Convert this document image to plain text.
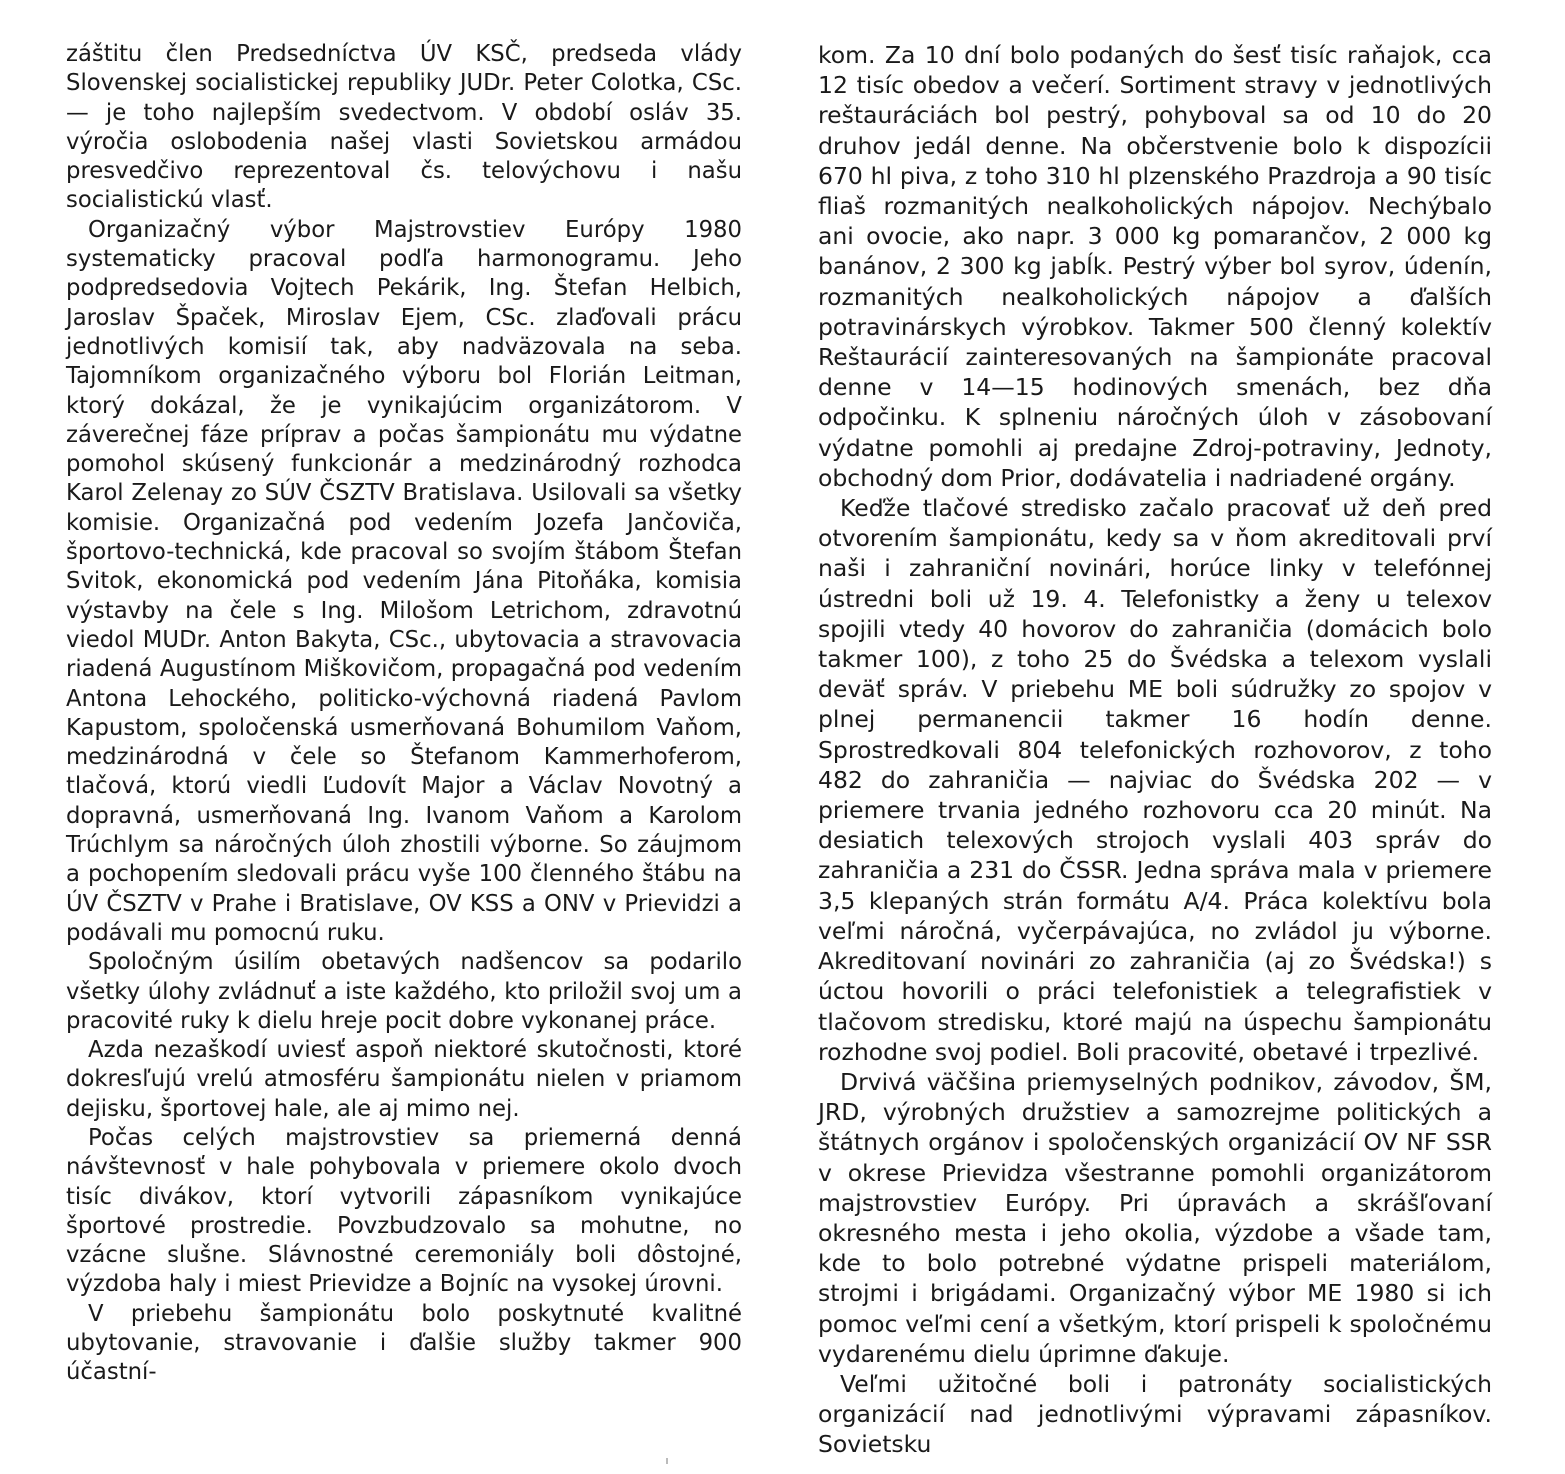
záštitu člen Predsedníctva ÚV KSČ, predseda vlády Slovenskej socialistickej republiky JUDr. Peter Colotka, CSc. — je toho najlepším svedectvom. V období osláv 35. výročia oslobodenia našej vlasti Sovietskou armádou presvedčivo reprezentoval čs. telovýchovu i našu socialistickú vlasť.

Organizačný výbor Majstrovstiev Európy 1980 systematicky pracoval podľa harmonogramu. Jeho podpredsedovia Vojtech Pekárik, Ing. Štefan Helbich, Jaroslav Špaček, Miroslav Ejem, CSc. zlaďovali prácu jednotlivých komisií tak, aby nadväzovala na seba. Tajomníkom organizačného výboru bol Florián Leitman, ktorý dokázal, že je vynikajúcim organizátorom. V záverečnej fáze príprav a počas šampionátu mu výdatne pomohol skúsený funkcionár a medzinárodný rozhodca Karol Zelenay zo SÚV ČSZTV Bratislava. Usilovali sa všetky komisie. Organizačná pod vedením Jozefa Jančoviča, športovo-technická, kde pracoval so svojím štábom Štefan Svitok, ekonomická pod vedením Jána Pitoňáka, komisia výstavby na čele s Ing. Milošom Letrichom, zdravotnú viedol MUDr. Anton Bakyta, CSc., ubytovacia a stravovacia riadená Augustínom Miškovičom, propagačná pod vedením Antona Lehockého, politicko-výchovná riadená Pavlom Kapustom, spoločenská usmerňovaná Bohumilom Vaňom, medzinárodná v čele so Štefanom Kammerhoferom, tlačová, ktorú viedli Ľudovít Major a Václav Novotný a dopravná, usmerňovaná Ing. Ivanom Vaňom a Karolom Trúchlym sa náročných úloh zhostili výborne. So záujmom a pochopením sledovali prácu vyše 100 členného štábu na ÚV ČSZTV v Prahe i Bratislave, OV KSS a ONV v Prievidzi a podávali mu pomocnú ruku.

Spoločným úsilím obetavých nadšencov sa podarilo všetky úlohy zvládnuť a iste každého, kto priložil svoj um a pracovité ruky k dielu hreje pocit dobre vykonanej práce.

Azda nezaškodí uviesť aspoň niektoré skutočnosti, ktoré dokresľujú vrelú atmosféru šampionátu nielen v priamom dejisku, športovej hale, ale aj mimo nej.

Počas celých majstrovstiev sa priemerná denná návštevnosť v hale pohybovala v priemere okolo dvoch tisíc divákov, ktorí vytvorili zápasníkom vynikajúce športové prostredie. Povzbudzovalo sa mohutne, no vzácne slušne. Slávnostné ceremoniály boli dôstojné, výzdoba haly i miest Prievidze a Bojníc na vysokej úrovni.

V priebehu šampionátu bolo poskytnuté kvalitné ubytovanie, stravovanie i ďalšie služby takmer 900 účastní-

kom. Za 10 dní bolo podaných do šesť tisíc raňajok, cca 12 tisíc obedov a večerí. Sortiment stravy v jednotlivých reštauráciách bol pestrý, pohyboval sa od 10 do 20 druhov jedál denne. Na občerstvenie bolo k dispozícii 670 hl piva, z toho 310 hl plzenského Prazdroja a 90 tisíc fliaš rozmanitých nealkoholických nápojov. Nechýbalo ani ovocie, ako napr. 3 000 kg pomarančov, 2 000 kg banánov, 2 300 kg jabĺk. Pestrý výber bol syrov, údenín, rozmanitých nealkoholických nápojov a ďalších potravinárskych výrobkov. Takmer 500 členný kolektív Reštaurácií zainteresovaných na šampionáte pracoval denne v 14—15 hodinových smenách, bez dňa odpočinku. K splneniu náročných úloh v zásobovaní výdatne pomohli aj predajne Zdroj-potraviny, Jednoty, obchodný dom Prior, dodávatelia i nadriadené orgány.

Keďže tlačové stredisko začalo pracovať už deň pred otvorením šampionátu, kedy sa v ňom akreditovali prví naši i zahraniční novinári, horúce linky v telefónnej ústredni boli už 19. 4. Telefonistky a ženy u telexov spojili vtedy 40 hovorov do zahraničia (domácich bolo takmer 100), z toho 25 do Švédska a telexom vyslali deväť správ. V priebehu ME boli súdružky zo spojov v plnej permanencii takmer 16 hodín denne. Sprostredkovali 804 telefonických rozhovorov, z toho 482 do zahraničia — najviac do Švédska 202 — v priemere trvania jedného rozhovoru cca 20 minút. Na desiatich telexových strojoch vyslali 403 správ do zahraničia a 231 do ČSSR. Jedna správa mala v priemere 3,5 klepaných strán formátu A/4. Práca kolektívu bola veľmi náročná, vyčerpávajúca, no zvládol ju výborne. Akreditovaní novinári zo zahraničia (aj zo Švédska!) s úctou hovorili o práci telefonistiek a telegrafistiek v tlačovom stredisku, ktoré majú na úspechu šampionátu rozhodne svoj podiel. Boli pracovité, obetavé i trpezlivé.

Drvivá väčšina priemyselných podnikov, závodov, ŠM, JRD, výrobných družstiev a samozrejme politických a štátnych orgánov i spoločenských organizácií OV NF SSR v okrese Prievidza všestranne pomohli organizátorom majstrovstiev Európy. Pri úpravách a skrášľovaní okresného mesta i jeho okolia, výzdobe a všade tam, kde to bolo potrebné výdatne prispeli materiálom, strojmi i brigádami. Organizačný výbor ME 1980 si ich pomoc veľmi cení a všetkým, ktorí prispeli k spoločnému vydarenému dielu úprimne ďakuje.

Veľmi užitočné boli i patronáty socialistických organizácií nad jednotlivými výpravami zápasníkov. Sovietsku
